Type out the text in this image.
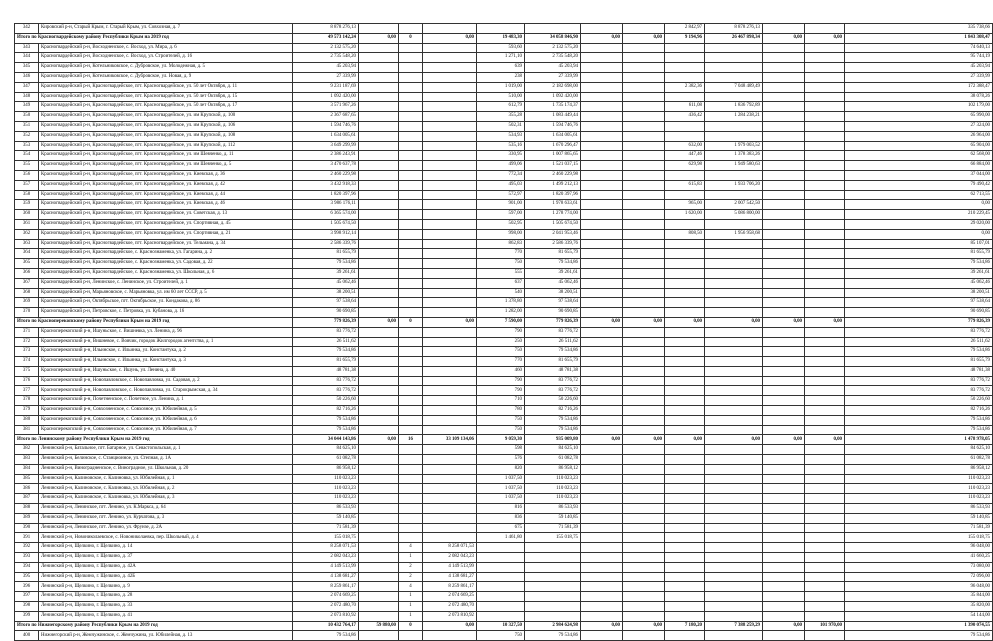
342	Кировский р-н, Старый Крым, г. Старый Крым, ул. Совхозная, д. 7	8 878 276,13								2 842,97	8 878 276,13			335 738,66
Итого по Красногвардейскому району Республики Крым на 2019 год		49 573 142,24	0,00	0	0,00	19 483,30	34 058 846,90	0,00	0,00	9 194,96	26 467 898,34	0,00	0,00	1 843 308,47
343	Красногвардейский р-н, Восходненское, с. Восход, ул. Мира, д. 6	2 132 575,20				593,60	2 132 575,20							74 640,13
344	Красногвардейский р-н, Восходненское, с. Восход, ул. Строителей, д. 16	2 735 548,20				1 271,10	2 735 548,20							95 744,19
345	Красногвардейский р-н, Котельниковское, с. Дубровское, ул. Молодежная, д. 5	45 203,94				639	45 203,94							45 203,94
346	Красногвардейский р-н, Котельниковское, с. Дубровское, ул. Новая, д. 9	27 339,99				238	27 339,99							27 339,99
347	Красногвардейский р-н, Красногвардейское, пгт. Красногвардейское, ул. 50 лет Октября, д. 11	9 231 187,69				1 019,00	2 182 698,00			2 382,36	7 048 489,49			172 388,47
348	Красногвардейский р-н, Красногвардейское, пгт. Красногвардейское, ул. 50 лет Октября, д. 15	1 092 420,00				510,00	1 092 420,00							38 078,26
349	Красногвардейский р-н, Красногвардейское, пгт. Красногвардейское, ул. 50 лет Октября, д. 17	3 571 967,26				612,79	1 735 174,37			611,08	1 836 792,89			102 179,00
350	Красногвардейский р-н, Красногвардейское, пгт. Красногвардейское, ул. им Крупской, д. 100	2 367 687,65				355,28	1 083 449,44			436,42	1 284 238,21			65 990,00
351	Красногвардейский р-н, Красногвардейское, пгт. Красногвардейское, ул. им Крупской, д. 106	1 594 746,76				502,31	1 594 746,76							27 324,00
352	Красногвардейский р-н, Красногвардейское, пгт. Красногвардейское, ул. им Крупской, д. 108	1 634 005,61				534,93	1 634 005,61							26 964,00
353	Красногвардейский р-н, Красногвардейское, пгт. Красногвардейское, ул. им Крупской, д. 112	3 649 299,99				535,16	1 670 296,47			632,00	1 979 003,52			65 904,00
354	Красногвардейский р-н, Красногвардейское, пгт. Красногвардейское, ул. им Шевченко, д. 11	2 386 243,91				330,95	1 007 865,65			447,46	1 378 383,26			62 568,00
355	Красногвардейский р-н, Красногвардейское, пгт. Красногвардейское, ул. им Шевченко, д. 5	3 470 637,78				499,06	1 521 037,15			629,98	1 949 580,63			66 884,00
356	Красногвардейский р-н, Красногвардейское, пгт. Красногвардейское, ул. Киевская, д. 36	2 460 229,98				772,34	2 460 229,98							37 044,00
357	Красногвардейский р-н, Красногвардейское, пгт. Красногвардейское, ул. Киевская, д. 42	3 432 918,33				495,03	1 499 212,13			615,83	1 933 706,20			79 490,42
358	Красногвардейский р-н, Красногвардейское, пгт. Красногвардейское, ул. Киевская, д. 44	1 820 397,96				572,97	1 820 397,96							62 713,55
359	Красногвардейский р-н, Красногвардейское, пгт. Красногвардейское, ул. Киевская, д. 46	3 986 176,11				901,00	1 978 633,61			965,00	2 007 542,50			0,00
360	Красногвардейский р-н, Красногвардейское, пгт. Красногвардейское, ул. Советская, д. 13	6 365 574,00				597,00	1 278 774,00			1 620,00	5 086 800,00			210 229,45
361	Красногвардейский р-н, Красногвардейское, пгт. Красногвардейское, ул. Спортивная, д. 45	1 505 674,50				502,95	1 505 674,50							29 020,00
362	Красногвардейский р-н, Красногвардейское, пгт. Красногвардейское, ул. Спортивная, д. 21	3 998 912,14				998,00	2 041 953,46			808,50	1 956 958,68			0,00
363	Красногвардейский р-н, Красногвардейское, пгт. Красногвардейское, ул. Тельмана, д. 34	2 586 339,76				862,83	2 586 339,76							85 107,01
364	Красногвардейский р-н, Красногвардейское, с. Краснознаменка, ул. Гагарина, д. 2	81 655,79				770	81 655,79							81 655,79
365	Красногвардейский р-н, Красногвардейское, с. Краснознаменка, ул. Садовая, д. 22	79 534,86				750	79 534,86							79 534,86
366	Красногвардейский р-н, Красногвардейское, с. Краснознаменка, ул. Школьная, д. 6	39 261,61				555	39 261,61							39 261,61
367	Красногвардейский р-н, Ленинское, с. Ленинское, ул. Строителей, д. 1	45 062,46				637	45 062,46							45 062,46
368	Красногвардейский р-н, Марьяновское, с. Марьяновка, ул. им 60 лет СССР, д. 5	38 200,51				540	38 200,51							38 200,51
369	Красногвардейский р-н, Октябрьское, пгт. Октябрьское, ул. Кондакова, д. 86	97 538,64				1 378,80	97 538,64							97 538,64
370	Красногвардейский р-н, Петровское, с. Петровка, ул. Кубанова, д. 16	90 690,85				1 282,00	90 690,85							90 690,85
Итого по Красноперекопскому району Республики Крым на 2019 год		779 826,39	0,00	0	0,00	7 590,00	779 826,39	0,00	0,00	0,00	0,00	0,00	0,00	779 826,39
371	Красноперекопский р-н, Ишуньское, с. Вишневка, ул. Ленина, д. 96	83 776,72				790	83 776,72							83 776,72
372	Красноперекопский р-н, Вишневое, с. Вовчик, городок Жилгородок агентства, д. 1	26 511,62				250	26 511,62							26 511,62
373	Красноперекопский р-н, Ильинское, с. Ильинка, ул. Константука, д. 2	79 534,86				750	79 534,86							79 534,86
374	Красноперекопский р-н, Ильинское, с. Ильинка, ул. Константука, д. 3	81 655,79				770	81 655,79							81 655,79
375	Красноперекопский р-н, Ишуньское, с. Ишунь, ул. Ленина, д. 40	48 781,38				460	48 781,38							48 781,38
376	Красноперекопский р-н, Новопавловское, с. Новопавловка, ул. Садовая, д. 2	83 776,72				790	83 776,72							83 776,72
377	Красноперекопский р-н, Новопавловское, с. Новопавловка, ул. Старокрымская, д. 34	83 776,72				790	83 776,72							83 776,72
378	Красноперекопский р-н, Почетненское, с. Почетное, ул. Ленина, д. 1	50 226,60				710	50 226,60							50 226,60
379	Красноперекопский р-н, Совхозненское, с. Совхозное, ул. Юбилейная, д. 5	82 716,26				780	82 716,26							82 716,26
380	Красноперекопский р-н, Совхозненское, с. Совхозное, ул. Юбилейная, д. 6	79 534,86				750	79 534,86							79 534,86
381	Красноперекопский р-н, Совхозненское, с. Совхозное, ул. Юбилейная, д. 7	79 534,86				750	79 534,86							79 534,86
Итого по Ленинскому району Республики Крым на 2019 год		34 044 143,86	0,00	16	33 109 134,06	9 059,30	935 009,80	0,00	0,00	0,00	0,00	0,00	0,00	1 478 978,05
382	Ленинский р-н, Батальное, пгт. Батарное, ул. Севастопольская, д. 1	84 625,10				598	84 625,10							84 625,10
383	Ленинский р-н, Белинское, с. Станционное, ул. Степная, д. 1А	61 082,78				576	61 082,78							61 082,78
384	Ленинский р-н, Виноградненское, с. Виноградное, ул. Школьная, д. 20	86 958,12				820	86 958,12							86 958,12
385	Ленинский р-н, Калиновское, с. Калиновка, ул. Юбилейная, д. 1	110 023,23				1 037,50	110 023,23							110 023,23
386	Ленинский р-н, Калиновское, с. Калиновка, ул. Юбилейная, д. 2	110 023,23				1 037,50	110 023,23							110 023,23
387	Ленинский р-н, Калиновское, с. Калиновка, ул. Юбилейная, д. 3	110 023,23				1 037,50	110 023,23							110 023,23
388	Ленинский р-н, Ленинское, пгт. Ленино, ул. К.Маркса, д. 64	86 533,93				816	86 533,93							86 533,93
389	Ленинский р-н, Ленинское, пгт. Ленино, ул. Курчатова, д. 3	59 140,85				836	59 140,85							59 140,85
390	Ленинский р-н, Ленинское, пгт. Ленино, ул. Фрунзе, д. 2А	71 581,39				675	71 581,39							71 581,39
391	Ленинский р-н, Новониколаевское, с. Новониколаевка, пер. Школьный, д. 4	155 018,75				1 461,80	155 018,75							155 018,75
392	Ленинский р-н, Щелкино, г. Щелкино, д. 14	8 258 071,53		4	8 258 071,53									96 048,00
393	Ленинский р-н, Щелкино, г. Щелкино, д. 37	2 082 043,23		1	2 082 043,23									41 660,25
394	Ленинский р-н, Щелкино, г. Щелкино, д. 42А	4 149 513,99		2	4 149 513,99									73 080,00
395	Ленинский р-н, Щелкино, г. Щелкино, д. 42Б	4 138 681,27		2	4 138 681,27									72 096,00
396	Ленинский р-н, Щелкино, г. Щелкино, д. 9	8 259 861,17		4	8 259 861,17									96 048,00
397	Ленинский р-н, Щелкино, г. Щелкино, д. 28	2 074 669,25		1	2 074 669,25									35 844,00
398	Ленинский р-н, Щелкино, г. Щелкино, д. 33	2 072 480,70		1	2 072 480,70									35 820,00
399	Ленинский р-н, Щелкино, г. Щелкино, д. 41	2 073 810,92		1	2 073 810,92									54 144,00
Итого по Нижнегорскому району Республики Крым на 2019 год		10 432 764,17	59 880,00	0	0,00	10 327,50	2 984 624,98	0,00	0,00	7 180,20	7 388 259,29	0,00	101 970,00	1 390 074,55
400	Нижнегорский р-н, Жемчужинское, с. Жемчужина, ул. Юбилейная, д. 13	79 534,86				750	79 534,86							79 534,86
